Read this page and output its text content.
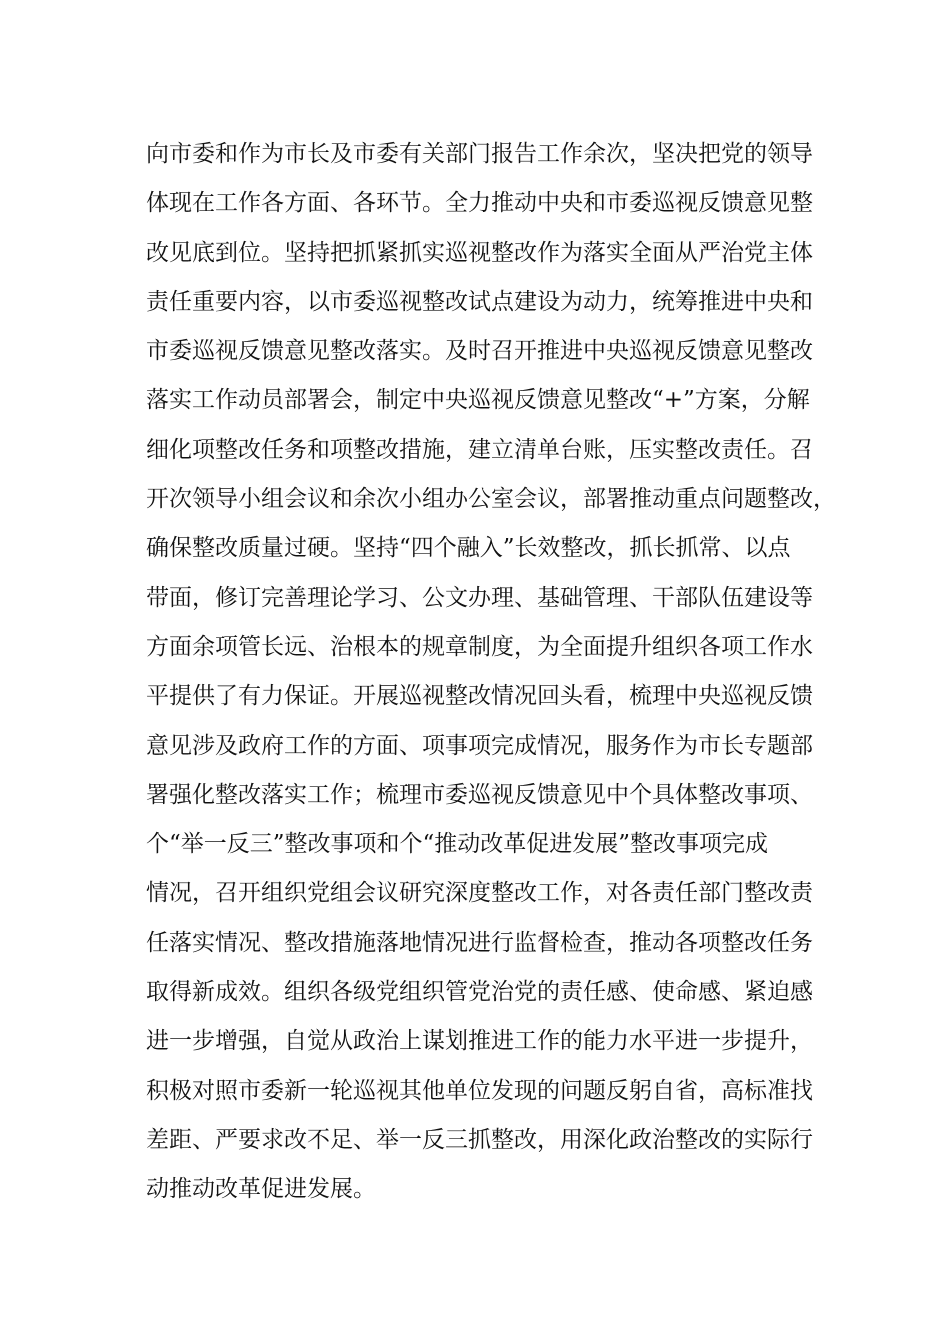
向市委和作为市长及市委有关部门报告工作余次，坚决把党的领导
体现在工作各方面、各环节。全力推动中央和市委巡视反馈意见整
改见底到位。坚持把抓紧抓实巡视整改作为落实全面从严治党主体
责任重要内容，以市委巡视整改试点建设为动力，统筹推进中央和
市委巡视反馈意见整改落实。及时召开推进中央巡视反馈意见整改
落实工作动员部署会，制定中央巡视反馈意见整改“+”方案，分解
细化项整改任务和项整改措施，建立清单台账，压实整改责任。召
开次领导小组会议和余次小组办公室会议，部署推动重点问题整改，
确保整改质量过硬。坚持“四个融入”长效整改，抓长抓常、以点
带面，修订完善理论学习、公文办理、基础管理、干部队伍建设等
方面余项管长远、治根本的规章制度，为全面提升组织各项工作水
平提供了有力保证。开展巡视整改情况回头看，梳理中央巡视反馈
意见涉及政府工作的方面、项事项完成情况，服务作为市长专题部
署强化整改落实工作；梳理市委巡视反馈意见中个具体整改事项、
个“举一反三”整改事项和个“推动改革促进发展”整改事项完成
情况，召开组织党组会议研究深度整改工作，对各责任部门整改责
任落实情况、整改措施落地情况进行监督检查，推动各项整改任务
取得新成效。组织各级党组织管党治党的责任感、使命感、紧迫感
进一步增强，自觉从政治上谋划推进工作的能力水平进一步提升，
积极对照市委新一轮巡视其他单位发现的问题反躬自省，高标准找
差距、严要求改不足、举一反三抓整改，用深化政治整改的实际行
动推动改革促进发展。
